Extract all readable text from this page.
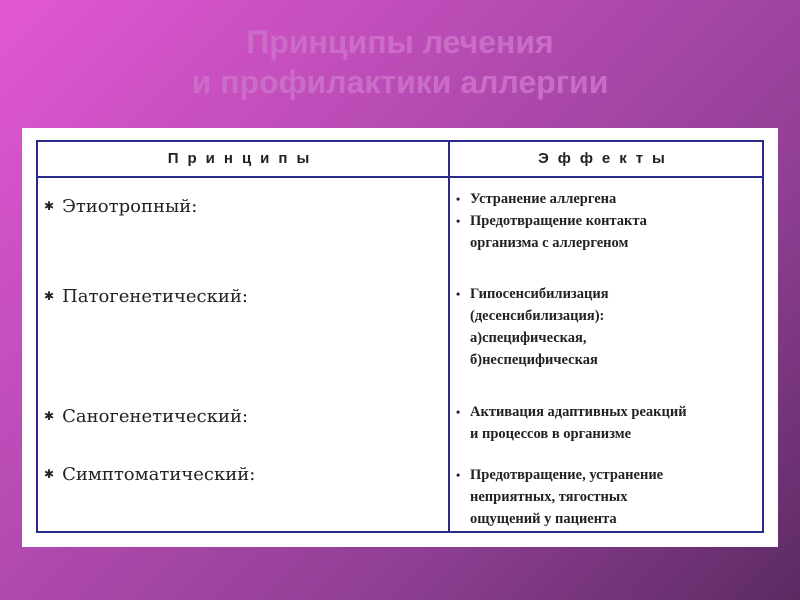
Принципы лечения
и профилактики аллергии
Принципы	Эффекты
✱ Этиотропный:	• Устранение аллергена
• Предотвращение контакта
организма с аллергеном
✱ Патогенетический:	• Гипосенсибилизация
(десенсибилизация):
а)специфическая,
б)неспецифическая
✱ Саногенетический:	• Активация адаптивных реакций
и процессов в организме
✱ Симптоматический:	• Предотвращение, устранение
неприятных, тягостных
ощущений у пациента
